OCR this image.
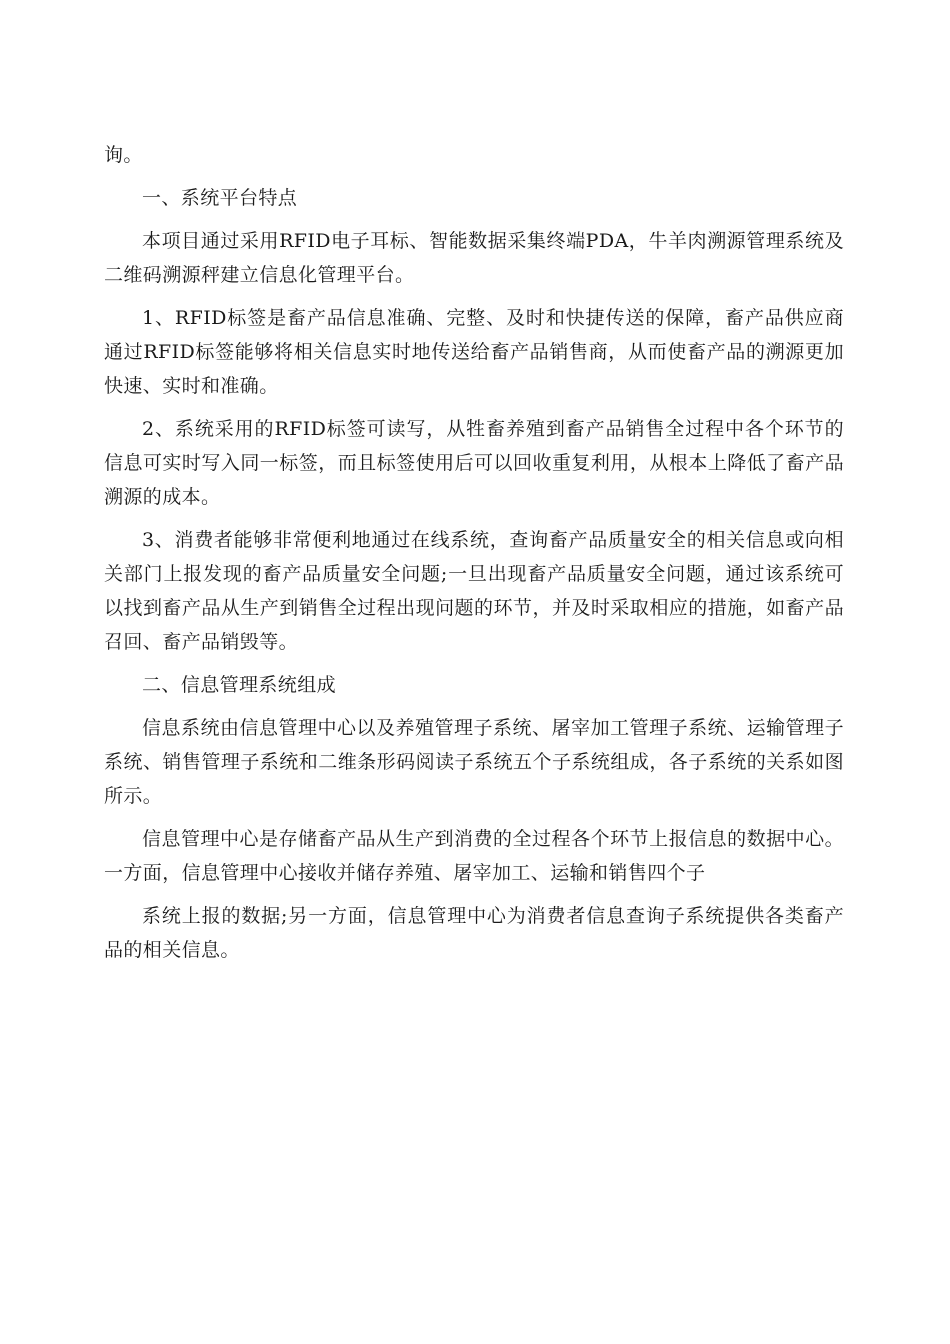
询。

一、系统平台特点

本项目通过采用RFID电子耳标、智能数据采集终端PDA，牛羊肉溯源管理系统及二维码溯源秤建立信息化管理平台。

1、RFID标签是畜产品信息准确、完整、及时和快捷传送的保障，畜产品供应商通过RFID标签能够将相关信息实时地传送给畜产品销售商，从而使畜产品的溯源更加快速、实时和准确。

2、系统采用的RFID标签可读写，从牲畜养殖到畜产品销售全过程中各个环节的信息可实时写入同一标签，而且标签使用后可以回收重复利用，从根本上降低了畜产品溯源的成本。

3、消费者能够非常便利地通过在线系统，查询畜产品质量安全的相关信息或向相关部门上报发现的畜产品质量安全问题;一旦出现畜产品质量安全问题，通过该系统可以找到畜产品从生产到销售全过程出现问题的环节，并及时采取相应的措施，如畜产品召回、畜产品销毁等。

二、信息管理系统组成

信息系统由信息管理中心以及养殖管理子系统、屠宰加工管理子系统、运输管理子系统、销售管理子系统和二维条形码阅读子系统五个子系统组成，各子系统的关系如图所示。

信息管理中心是存储畜产品从生产到消费的全过程各个环节上报信息的数据中心。一方面，信息管理中心接收并储存养殖、屠宰加工、运输和销售四个子

系统上报的数据;另一方面，信息管理中心为消费者信息查询子系统提供各类畜产品的相关信息。
